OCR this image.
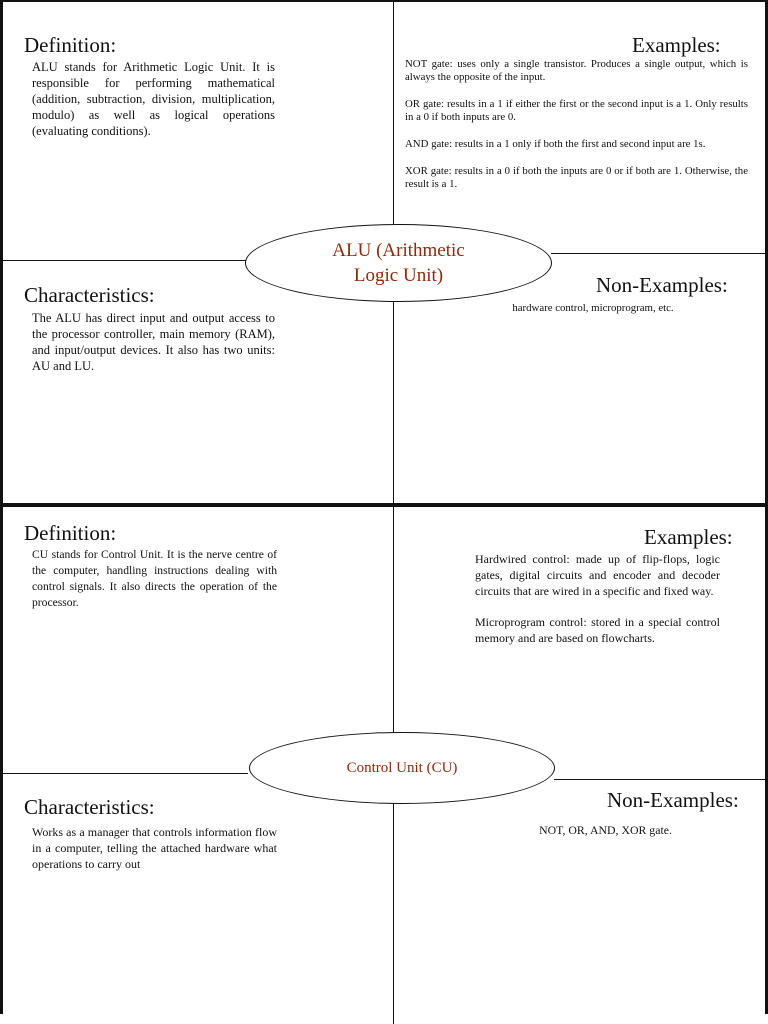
Definition:
ALU stands for Arithmetic Logic Unit. It is responsible for performing mathematical (addition, subtraction, division, multiplication, modulo) as well as logical operations (evaluating conditions).
Examples:

NOT gate: uses only a single transistor. Produces a single output, which is always the opposite of the input.

OR gate: results in a 1 if either the first or the second input is a 1. Only results in a 0 if both inputs are 0.

AND gate: results in a 1 only if both the first and second input are 1s.

XOR gate: results in a 0 if both the inputs are 0 or if both are 1. Otherwise, the result is a 1.

Characteristics:
The ALU has direct input and output access to the processor controller, main memory (RAM), and input/output devices. It also has two units: AU and LU.
Non-Examples:
hardware control, microprogram, etc.
ALU (Arithmetic Logic Unit)
Definition:
CU stands for Control Unit. It is the nerve centre of the computer, handling instructions dealing with control signals. It also directs the operation of the processor.
Examples:

Hardwired control: made up of flip-flops, logic gates, digital circuits and encoder and decoder circuits that are wired in a specific and fixed way.

Microprogram control: stored in a special control memory and are based on flowcharts.

Characteristics:
Works as a manager that controls information flow in a computer, telling the attached hardware what operations to carry out
Non-Examples:
NOT, OR, AND, XOR gate.
Control Unit (CU)
